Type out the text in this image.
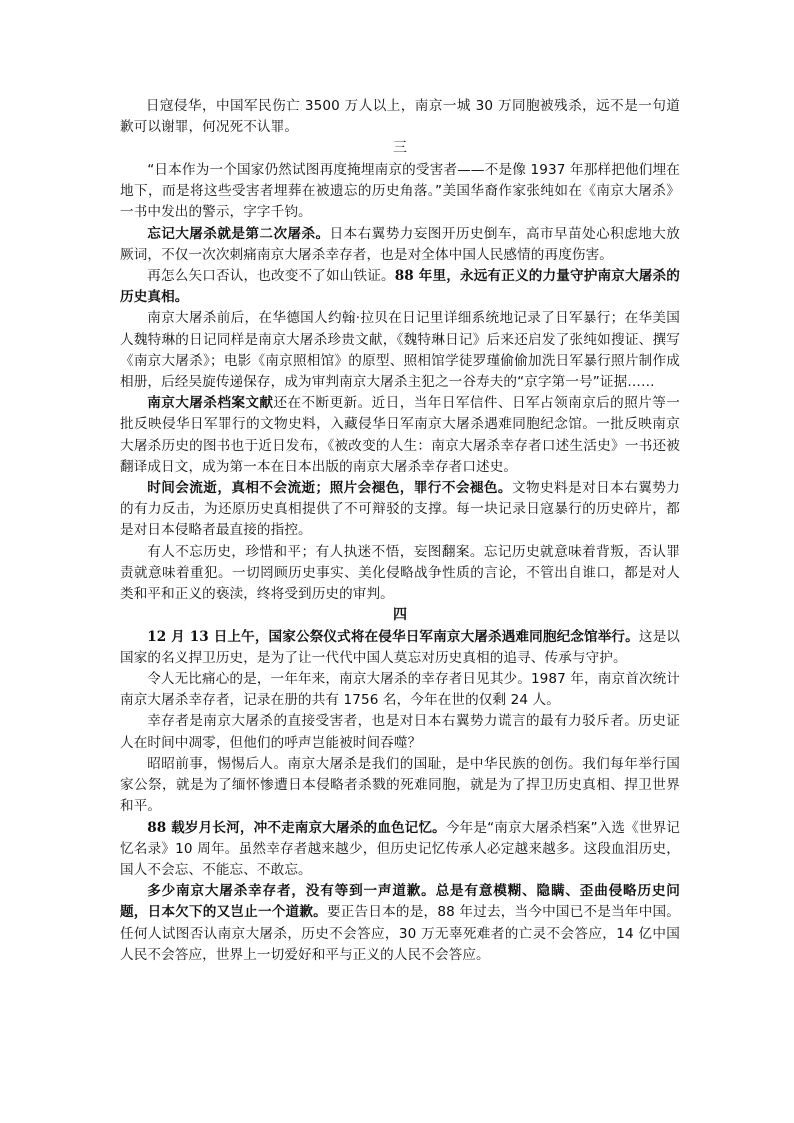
日寇侵华，中国军民伤亡 3500 万人以上，南京一城 30 万同胞被残杀，远不是一句道歉可以谢罪，何况死不认罪。

三

“日本作为一个国家仍然试图再度掩埋南京的受害者——不是像 1937 年那样把他们埋在地下，而是将这些受害者埋葬在被遗忘的历史角落。”美国华裔作家张纯如在《南京大屠杀》一书中发出的警示，字字千钧。

忘记大屠杀就是第二次屠杀。日本右翼势力妄图开历史倒车，高市早苗处心积虑地大放厥词，不仅一次次刺痛南京大屠杀幸存者，也是对全体中国人民感情的再度伤害。

再怎么矢口否认，也改变不了如山铁证。88 年里，永远有正义的力量守护南京大屠杀的历史真相。

南京大屠杀前后，在华德国人约翰·拉贝在日记里详细系统地记录了日军暴行；在华美国人魏特琳的日记同样是南京大屠杀珍贵文献，《魏特琳日记》后来还启发了张纯如搜证、撰写《南京大屠杀》；电影《南京照相馆》的原型、照相馆学徒罗瑾偷偷加洗日军暴行照片制作成相册，后经吴旋传递保存，成为审判南京大屠杀主犯之一谷寿夫的“京字第一号”证据……

南京大屠杀档案文献还在不断更新。近日，当年日军信件、日军占领南京后的照片等一批反映侵华日军罪行的文物史料，入藏侵华日军南京大屠杀遇难同胞纪念馆。一批反映南京大屠杀历史的图书也于近日发布，《被改变的人生：南京大屠杀幸存者口述生活史》一书还被翻译成日文，成为第一本在日本出版的南京大屠杀幸存者口述史。

时间会流逝，真相不会流逝；照片会褪色，罪行不会褪色。文物史料是对日本右翼势力的有力反击，为还原历史真相提供了不可辩驳的支撑。每一块记录日寇暴行的历史碎片，都是对日本侵略者最直接的指控。

有人不忘历史，珍惜和平；有人执迷不悟，妄图翻案。忘记历史就意味着背叛，否认罪责就意味着重犯。一切罔顾历史事实、美化侵略战争性质的言论，不管出自谁口，都是对人类和平和正义的亵渎，终将受到历史的审判。

四

12 月 13 日上午，国家公祭仪式将在侵华日军南京大屠杀遇难同胞纪念馆举行。这是以国家的名义捍卫历史，是为了让一代代中国人莫忘对历史真相的追寻、传承与守护。

令人无比痛心的是，一年年来，南京大屠杀的幸存者日见其少。1987 年，南京首次统计南京大屠杀幸存者，记录在册的共有 1756 名，今年在世的仅剩 24 人。

幸存者是南京大屠杀的直接受害者，也是对日本右翼势力谎言的最有力驳斥者。历史证人在时间中凋零，但他们的呼声岂能被时间吞噬？

昭昭前事，惕惕后人。南京大屠杀是我们的国耻，是中华民族的创伤。我们每年举行国家公祭，就是为了缅怀惨遭日本侵略者杀戮的死难同胞，就是为了捍卫历史真相、捍卫世界和平。

88 载岁月长河，冲不走南京大屠杀的血色记忆。今年是“南京大屠杀档案”入选《世界记忆名录》10 周年。虽然幸存者越来越少，但历史记忆传承人必定越来越多。这段血泪历史，国人不会忘、不能忘、不敢忘。

多少南京大屠杀幸存者，没有等到一声道歉。总是有意模糊、隐瞒、歪曲侵略历史问题，日本欠下的又岂止一个道歉。要正告日本的是，88 年过去，当今中国已不是当年中国。任何人试图否认南京大屠杀，历史不会答应，30 万无辜死难者的亡灵不会答应，14 亿中国人民不会答应，世界上一切爱好和平与正义的人民不会答应。
